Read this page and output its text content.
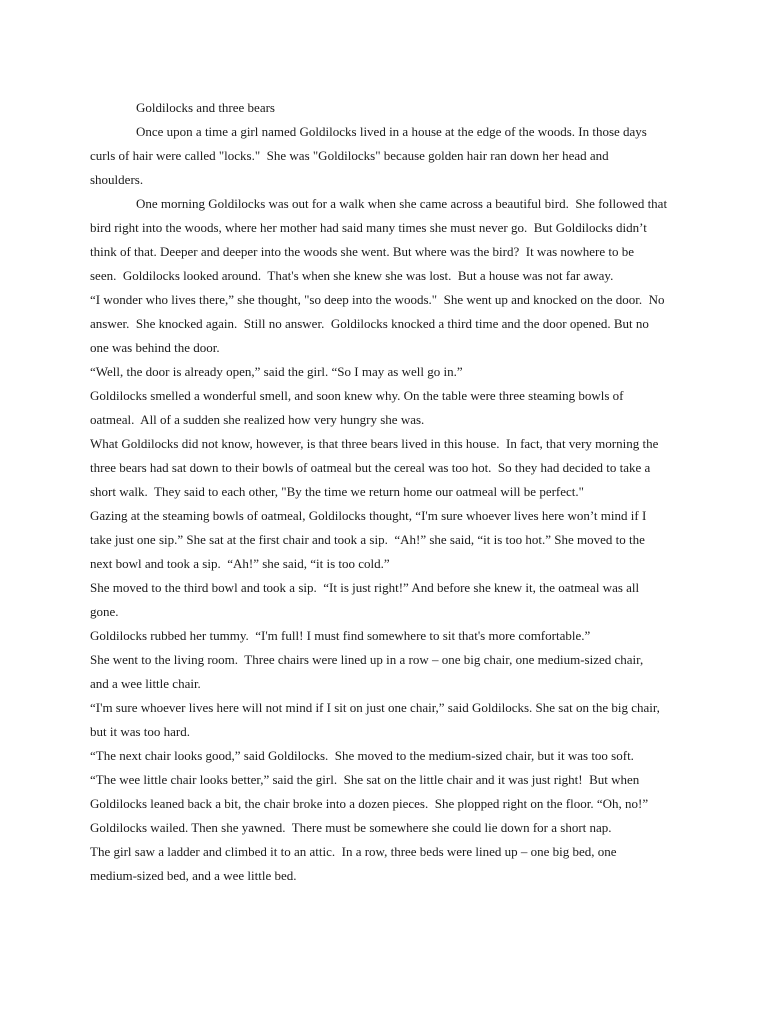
Goldilocks and three bears
Once upon a time a girl named Goldilocks lived in a house at the edge of the woods. In those days
curls of hair were called "locks."  She was "Goldilocks" because golden hair ran down her head and
shoulders.
One morning Goldilocks was out for a walk when she came across a beautiful bird.  She followed that
bird right into the woods, where her mother had said many times she must never go.  But Goldilocks didn’t
think of that. Deeper and deeper into the woods she went. But where was the bird?  It was nowhere to be
seen.  Goldilocks looked around.  That's when she knew she was lost.  But a house was not far away.
“I wonder who lives there,” she thought, "so deep into the woods."  She went up and knocked on the door.  No
answer.  She knocked again.  Still no answer.  Goldilocks knocked a third time and the door opened. But no
one was behind the door.
“Well, the door is already open,” said the girl. “So I may as well go in.”
Goldilocks smelled a wonderful smell, and soon knew why. On the table were three steaming bowls of
oatmeal.  All of a sudden she realized how very hungry she was.
What Goldilocks did not know, however, is that three bears lived in this house.  In fact, that very morning the
three bears had sat down to their bowls of oatmeal but the cereal was too hot.  So they had decided to take a
short walk.  They said to each other, "By the time we return home our oatmeal will be perfect."
Gazing at the steaming bowls of oatmeal, Goldilocks thought, “I'm sure whoever lives here won’t mind if I
take just one sip.” She sat at the first chair and took a sip.  “Ah!” she said, “it is too hot.” She moved to the
next bowl and took a sip.  “Ah!” she said, “it is too cold.”
She moved to the third bowl and took a sip.  “It is just right!” And before she knew it, the oatmeal was all
gone.
Goldilocks rubbed her tummy.  “I'm full! I must find somewhere to sit that's more comfortable.”
She went to the living room.  Three chairs were lined up in a row – one big chair, one medium-sized chair,
and a wee little chair.
“I'm sure whoever lives here will not mind if I sit on just one chair,” said Goldilocks. She sat on the big chair,
but it was too hard.
“The next chair looks good,” said Goldilocks.  She moved to the medium-sized chair, but it was too soft.
“The wee little chair looks better,” said the girl.  She sat on the little chair and it was just right!  But when
Goldilocks leaned back a bit, the chair broke into a dozen pieces.  She plopped right on the floor. “Oh, no!”
Goldilocks wailed. Then she yawned.  There must be somewhere she could lie down for a short nap.
The girl saw a ladder and climbed it to an attic.  In a row, three beds were lined up – one big bed, one
medium-sized bed, and a wee little bed.
